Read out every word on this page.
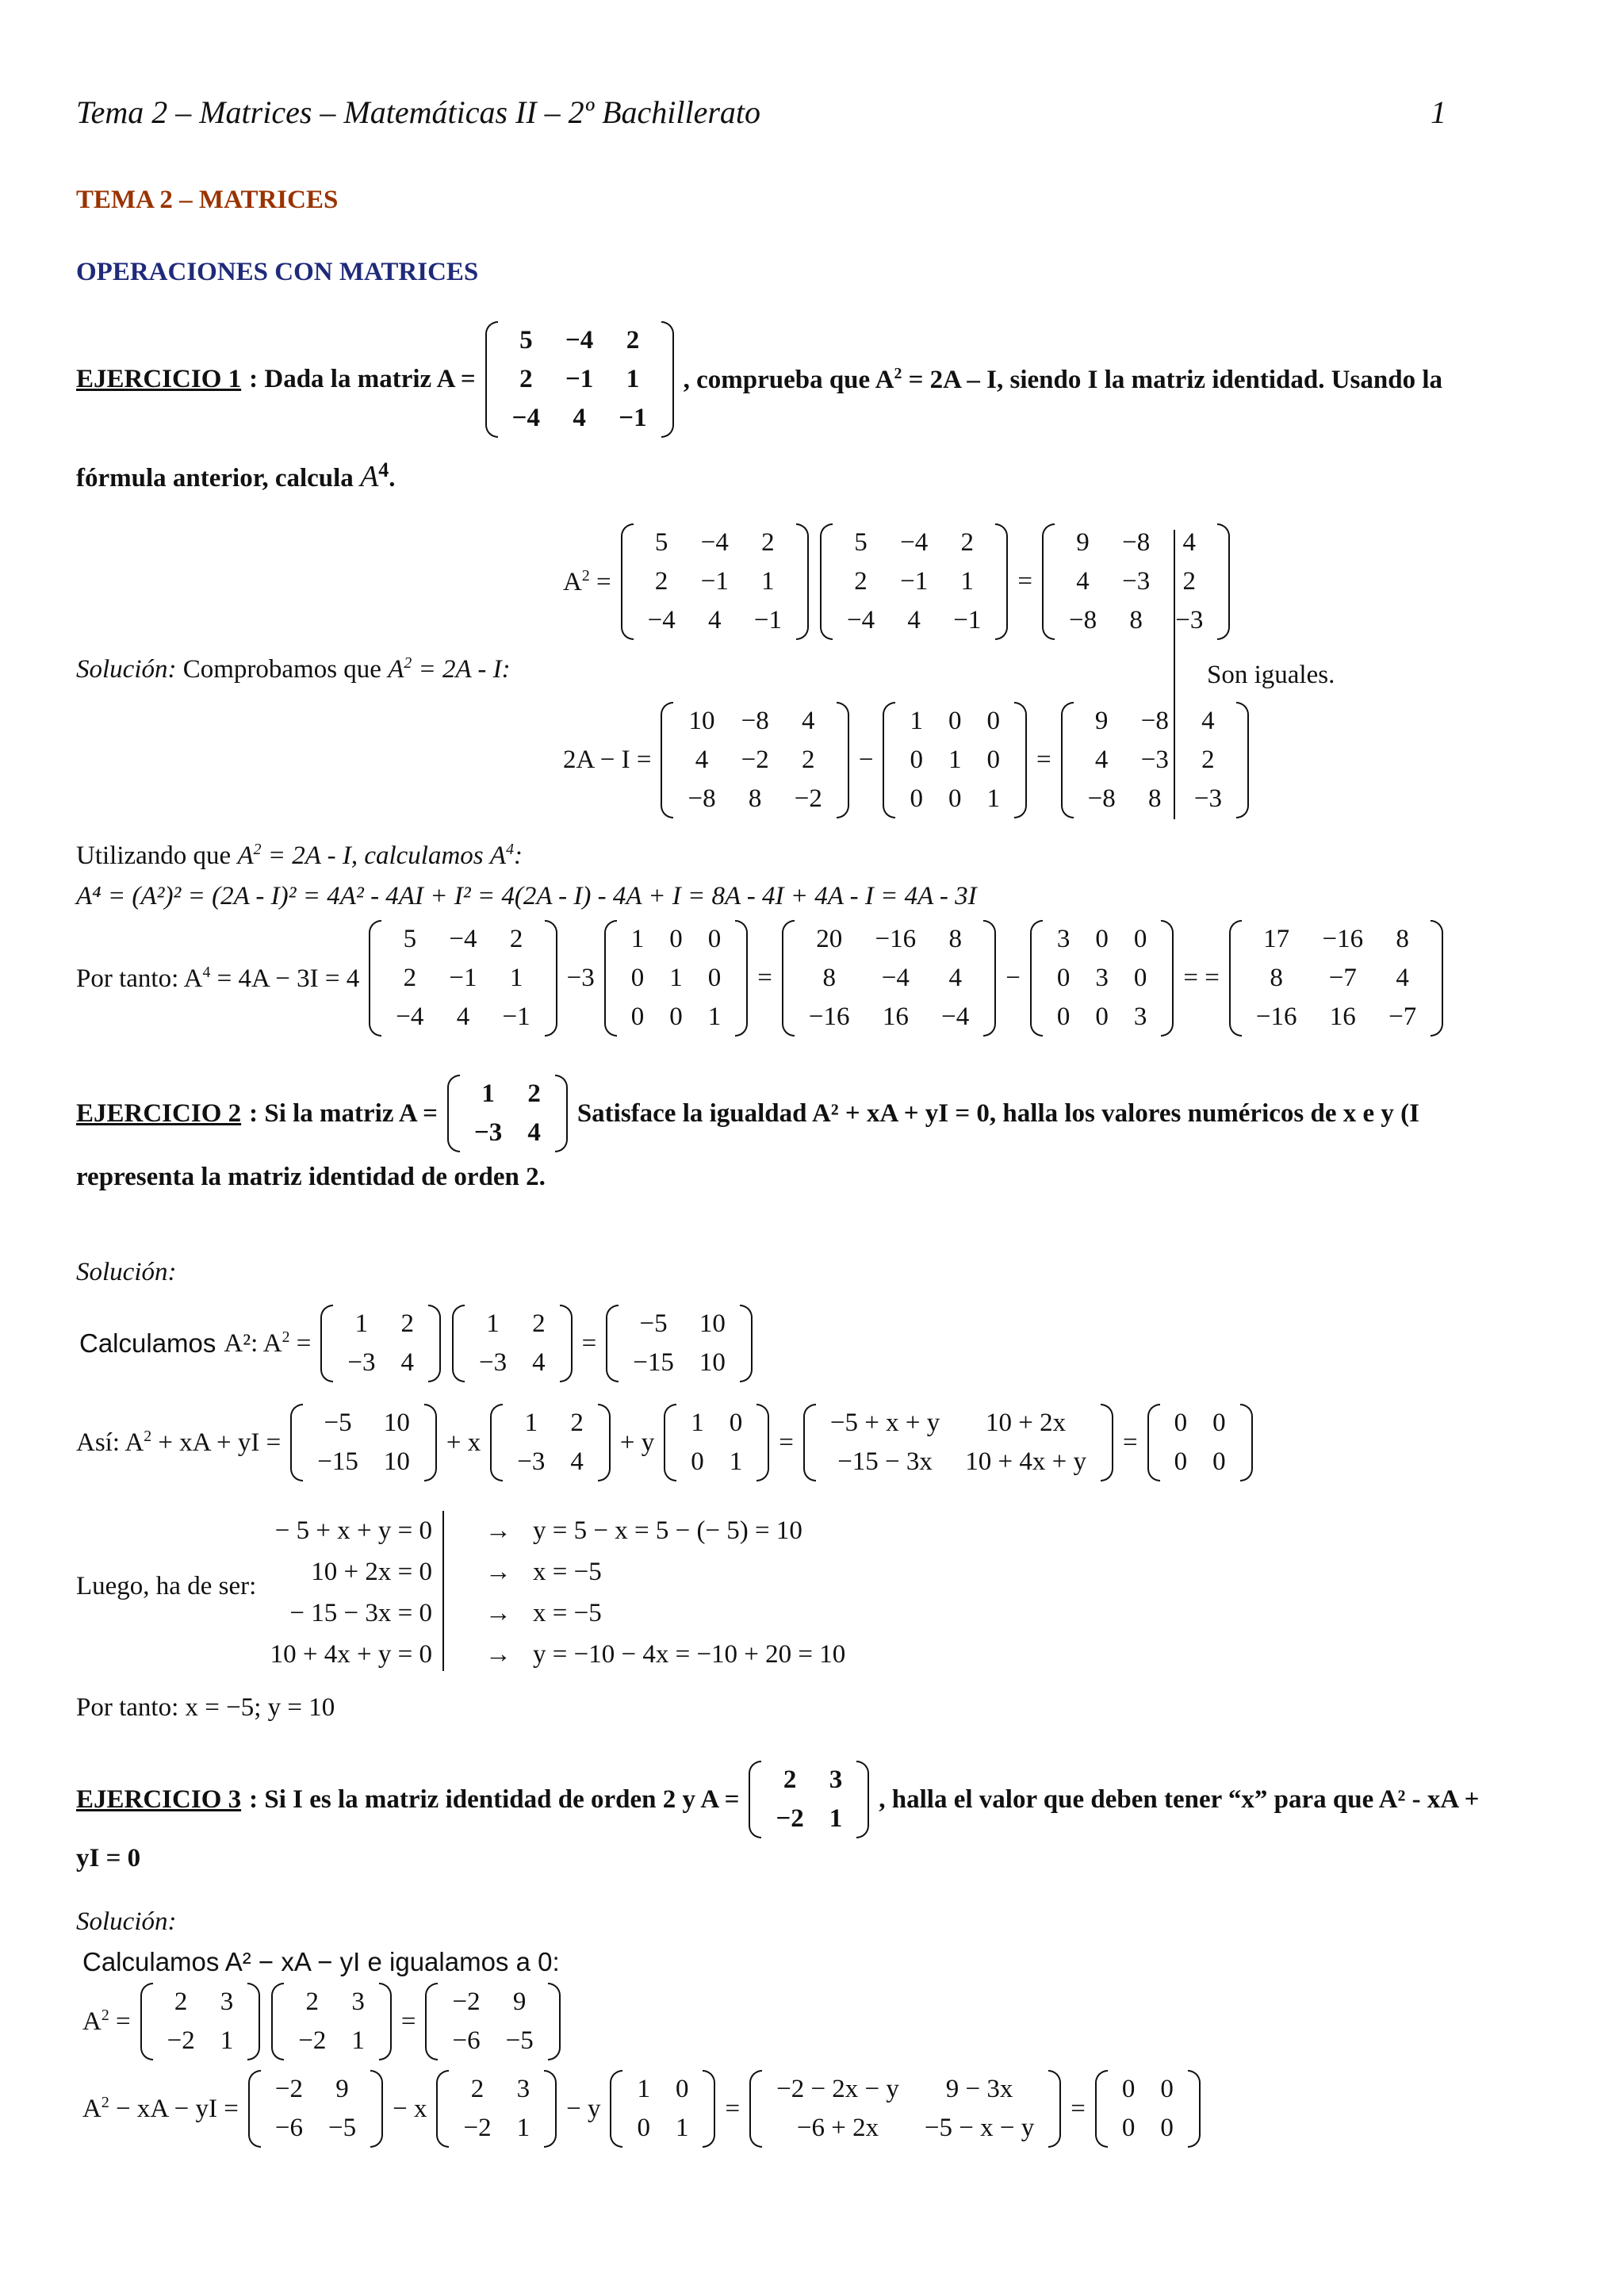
Tema 2 – Matrices – Matemáticas II – 2º Bachillerato	1
TEMA 2 – MATRICES
OPERACIONES CON MATRICES
EJERCICIO 1 : Dada la matriz A =
5	−4	2
2	−1	1
−4	4	−1
, comprueba que $A^2 = 2A - I$, siendo I la matriz identidad. Usando la
fórmula anterior, calcula $A^4$.
$A^2$ =
5	−4	2
2	−1	1
−4	4	−1
5	−4	2
2	−1	1
−4	4	−1
=
9	−8	4
4	−3	2
−8	8	−3
Solución: Comprobamos que $A^2 = 2A - I$:	Son iguales.
2A − I =
10	−8	4
4	−2	2
−8	8	−2
−
1 0 0
0 1 0
0 0 1
=
9	−8	4
4	−3	2
−8	8	−3
Utilizando que $A^2 = 2A - I$, calculamos $A^4$:
A⁴ = (A²)² = (2A - I)² = 4A² - 4AI + I² = 4(2A - I) - 4A + I = 8A - 4I + 4A - I = 4A - 3I
Por tanto: $A^4 = 4A - 3I = 4$
5	−4	2
2	−1	1
−4	4	−1
−3
1 0 0
0 1 0
0 0 1
=
20	−16	8
8	−4	4
−16	16	−4
−
3 0 0
0 3 0
0 0 3
= =
17	−16	8
8	−7	4
−16	16	−7
EJERCICIO 2 : Si la matriz A =
1	2
−3 4
Satisface la igualdad A² + xA + yI = 0, halla los valores numéricos de x e y (I
representa la matriz identidad de orden 2.
Solución:
Calculamos A²: $A^2$ =
1	2
−3 4
1	2
−3 4
=
−5	10
−15 10
Así: $A^2$ + xA + yI =
−5	10
−15 10
+ x
1	2
−3 4
+ y
1 0
0 1
=
−5 + x + y	10 + 2x
−15 − 3x	10 + 4x + y
=
0 0
0 0
Luego, ha de ser:
− 5 + x + y = 0 → y = 5 − x = 5 − (− 5) = 10
10 + 2x = 0 → x = −5
− 15 − 3x = 0 → x = −5
10 + 4x + y = 0 → y = −10 − 4x = −10 + 20 = 10
Por tanto: x = −5; y = 10
EJERCICIO 3 : Si I es la matriz identidad de orden 2 y A =
2	3
−2 1
, halla el valor que deben tener “x” para que A² - xA +
yI = 0
Solución:
Calculamos A² − xA − yI e igualamos a 0:
$A^2$ =
2	3
−2 1
2	3
−2 1
=
−2	9
−6 −5
$A^2$ − xA − yI =
−2	9
−6 −5
− x
2	3
−2 1
− y
1 0
0 1
=
−2 − 2x − y	9 − 3x
−6 + 2x	−5 − x − y
=
0 0
0 0
